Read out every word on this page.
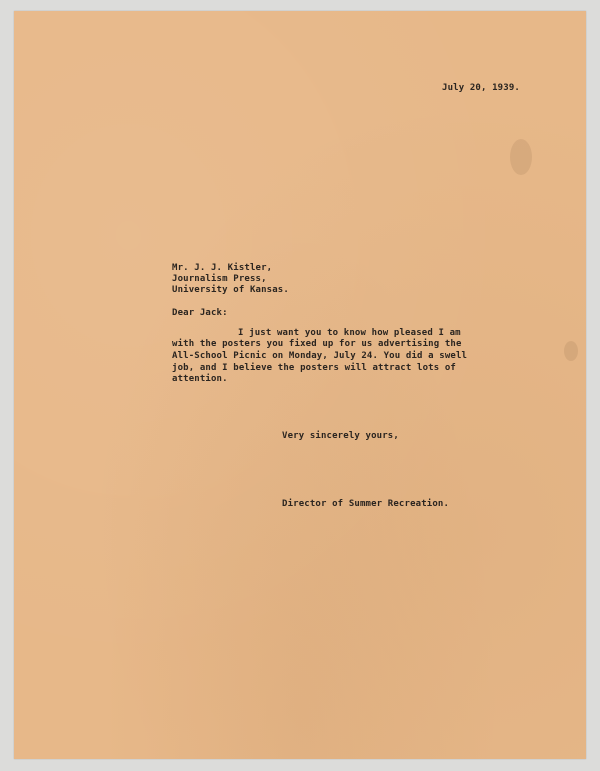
July 20, 1939.
Mr. J. J. Kistler,
Journalism Press,
University of Kansas.
Dear Jack:
I just want you to know how pleased I am
with the posters you fixed up for us advertising the
All-School Picnic on Monday, July 24. You did a swell
job, and I believe the posters will attract lots of
attention.
Very sincerely yours,
Director of Summer Recreation.
